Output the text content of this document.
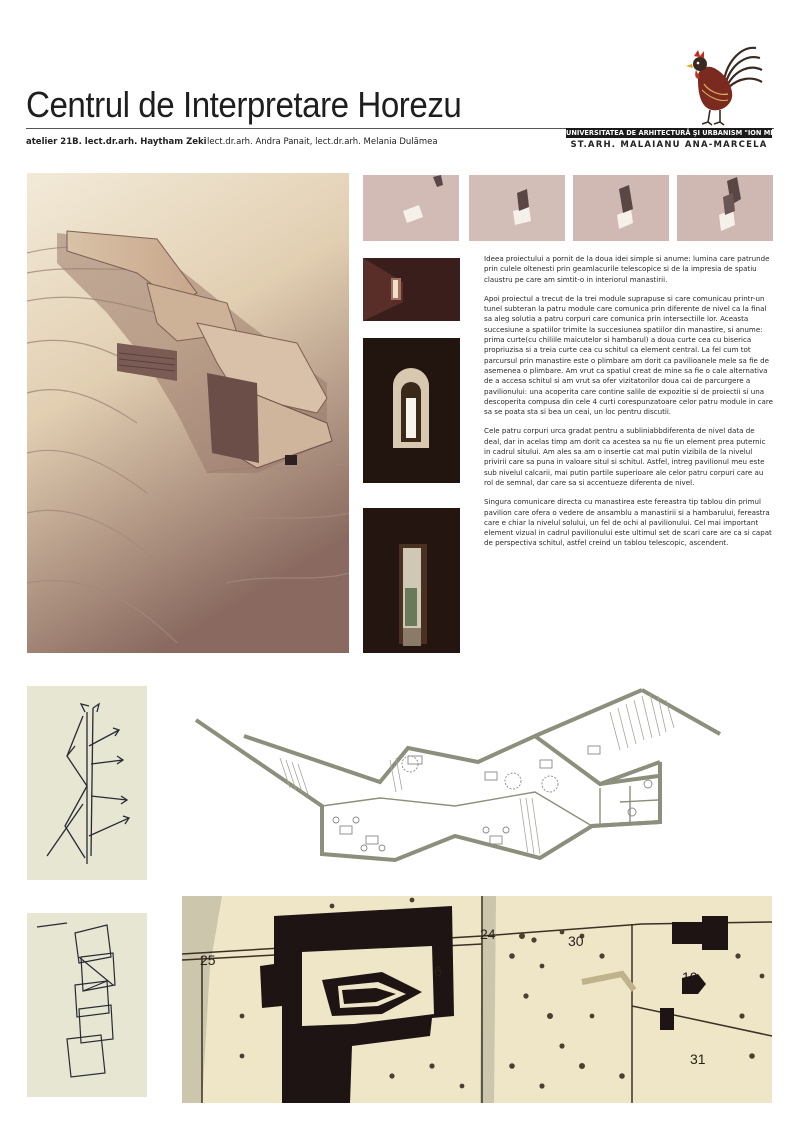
Centrul de Interpretare Horezu
atelier 21B. lect.dr.arh. Haytham Zeki lect.dr.arh. Andra Panait, lect.dr.arh. Melania Dulămea
UNIVERSITATEA DE ARHITECTURĂ ŞI URBANISM "ION MINCU"
ST.ARH. MALAIANU ANA-MARCELA

Ideea proiectului a pornit de la doua idei simple si anume: lumina care patrunde prin culele oltenesti prin geamlacurile telescopice si de la impresia de spatiu claustru pe care am simtit-o in interiorul manastirii.

Apoi proiectul a trecut de la trei module suprapuse si care comunicau printr-un tunel subteran la patru module care comunica prin diferente de nivel ca la final sa aleg solutia a patru corpuri care comunica prin intersectiile lor. Aceasta succesiune a spatiilor trimite la succesiunea spatiilor din manastire, si anume: prima curte(cu chiliile maicutelor si hambarul) a doua curte cea cu biserica propriuzisa si a treia curte cea cu schitul ca element central. La fel cum tot parcursul prin manastire este o plimbare am dorit ca pavilioanele mele sa fie de asemenea o plimbare. Am vrut ca spatiul creat de mine sa fie o cale alternativa de a accesa schitul si am vrut sa ofer vizitatorilor doua cai de parcurgere a pavilionului: una acoperita care contine salile de expozitie si de proiectii si una descoperita compusa din cele 4 curti corespunzatoare celor patru module in care sa se poata sta si bea un ceai, un loc pentru discutii.

Cele patru corpuri urca gradat pentru a subliniabbdiferenta de nivel data de deal, dar in acelas timp am dorit ca acestea sa nu fie un element prea puternic in cadrul sitului. Am ales sa am o insertie cat mai putin vizibila de la nivelul privirii care sa puna in valoare situl si schitul. Astfel, intreg pavilionul meu este sub nivelul calcarii, mai putin partile superioare ale celor patru corpuri care au rol de semnal, dar care sa si accentueze diferenta de nivel.

Singura comunicare directa cu manastirea este fereastra tip tablou din primul pavilion care ofera o vedere de ansamblu a manastirii si a hambarului, fereastra care e chiar la nivelul solului, un fel de ochi al pavilionului. Cel mai important element vizual in cadrul pavilionului este ultimul set de scari care are ca si capat de perspectiva schitul, astfel creind un tablou telescopic, ascendent.

25
24	30
6	10
31
